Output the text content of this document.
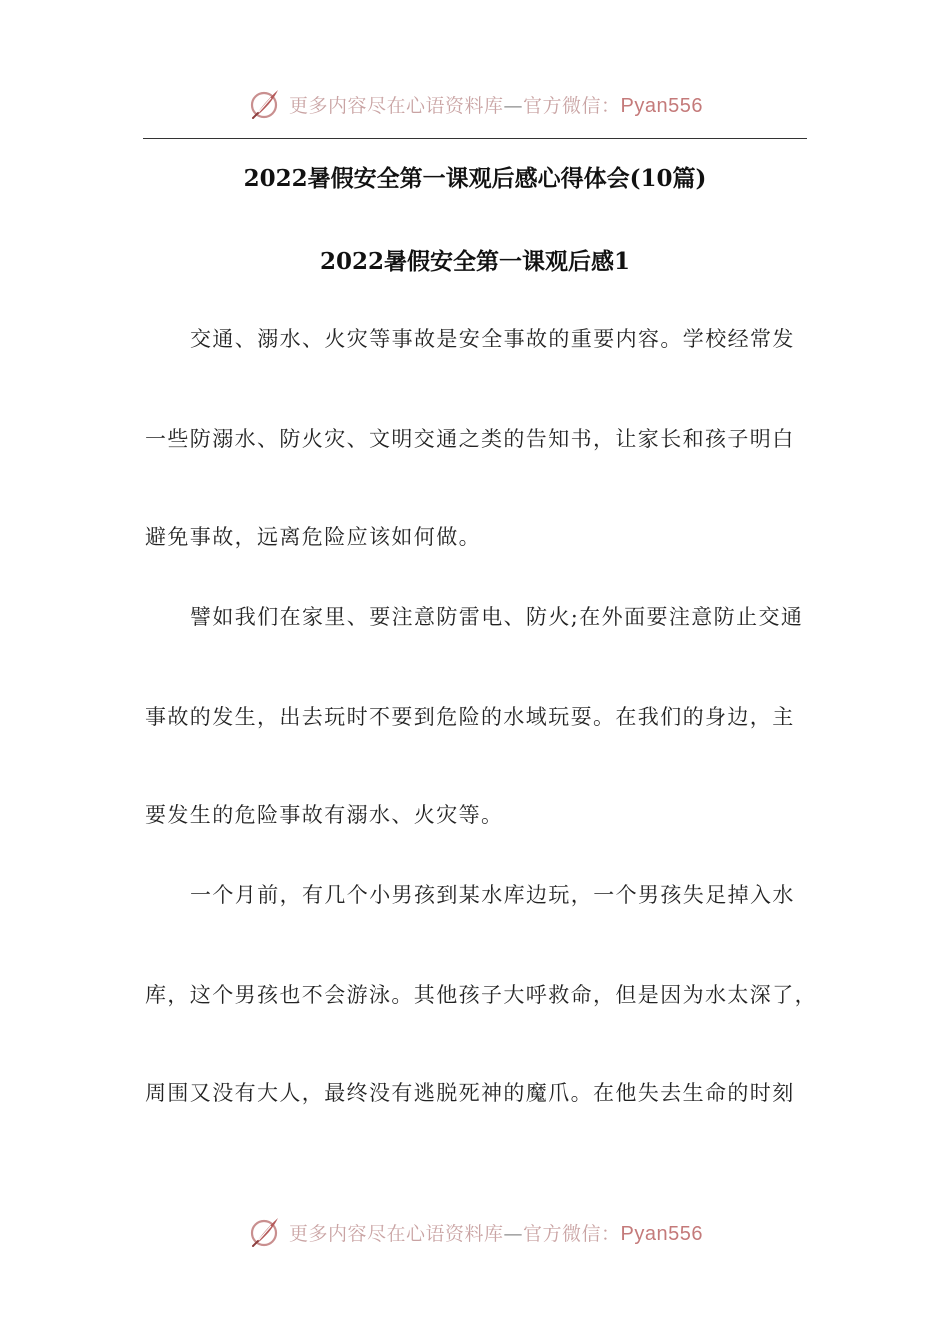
更多内容尽在心语资料库—官方微信：Pyan556
2022暑假安全第一课观后感心得体会(10篇)
2022暑假安全第一课观后感1
交通、溺水、火灾等事故是安全事故的重要内容。学校经常发
一些防溺水、防火灾、文明交通之类的告知书，让家长和孩子明白
避免事故，远离危险应该如何做。
譬如我们在家里、要注意防雷电、防火;在外面要注意防止交通
事故的发生，出去玩时不要到危险的水域玩耍。在我们的身边，主
要发生的危险事故有溺水、火灾等。
一个月前，有几个小男孩到某水库边玩，一个男孩失足掉入水
库，这个男孩也不会游泳。其他孩子大呼救命，但是因为水太深了，
周围又没有大人，最终没有逃脱死神的魔爪。在他失去生命的时刻
更多内容尽在心语资料库—官方微信：Pyan556
